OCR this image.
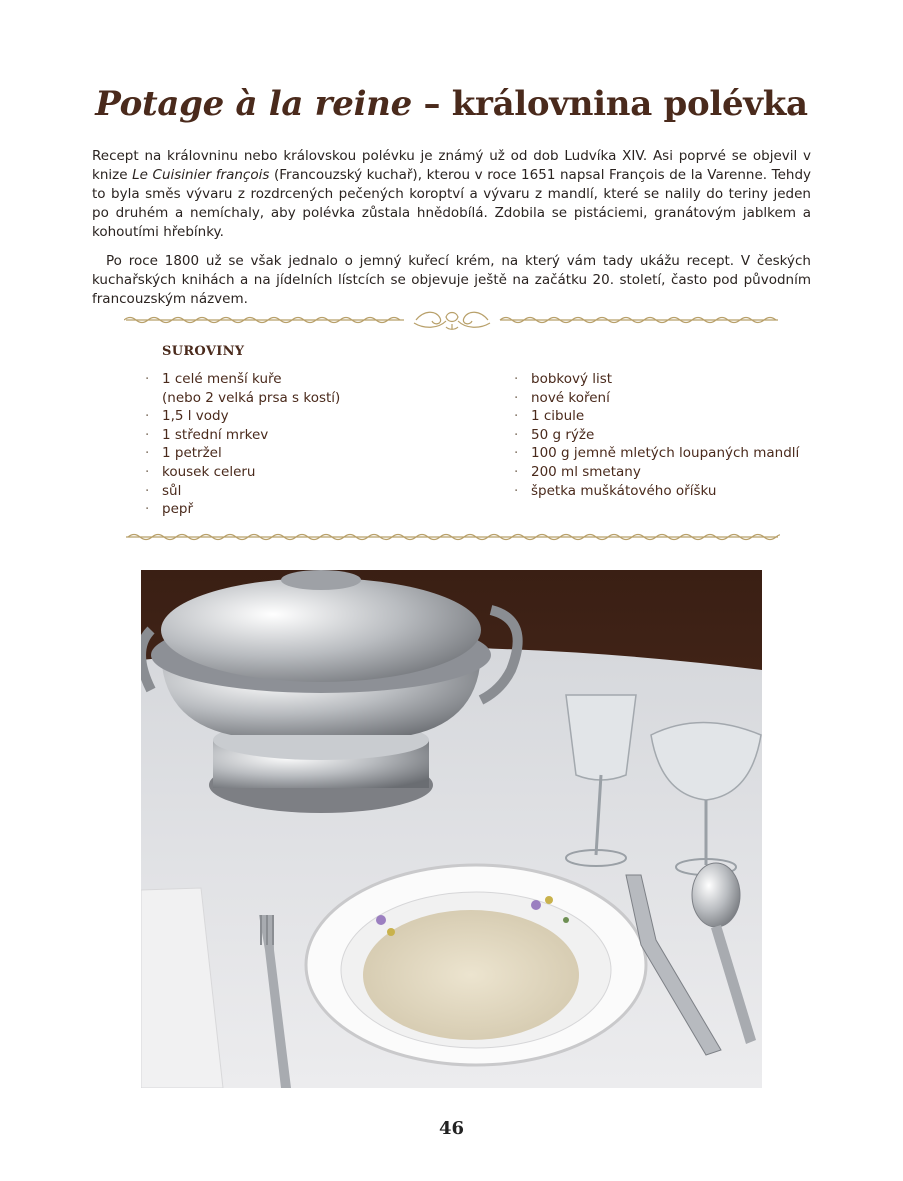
Potage à la reine – královnina polévka

Recept na královninu nebo královskou polévku je známý už od dob Ludvíka XIV. Asi poprvé se objevil v knize Le Cuisinier françois (Francouzský kuchař), kterou v roce 1651 napsal François de la Varenne. Tehdy to byla směs vývaru z rozdrcených pečených koroptví a vývaru z mandlí, které se nalily do teriny jeden po druhém a nemíchaly, aby polévka zůstala hnědobílá. Zdobila se pistáciemi, granátovým jablkem a kohoutími hřebínky.

Po roce 1800 už se však jednalo o jemný kuřecí krém, na který vám tady ukážu recept. V českých kuchařských knihách a na jídelních lístcích se objevuje ještě na začátku 20. století, často pod původním francouzským názvem.

SUROVINY
· 1 celé menší kuře
(nebo 2 velká prsa s kostí)
· 1,5 l vody
· 1 střední mrkev
· 1 petržel
· kousek celeru
· sůl
· pepř
· bobkový list
· nové koření
· 1 cibule
· 50 g rýže
· 100 g jemně mletých loupaných mandlí
· 200 ml smetany
· špetka muškátového oříšku
46
